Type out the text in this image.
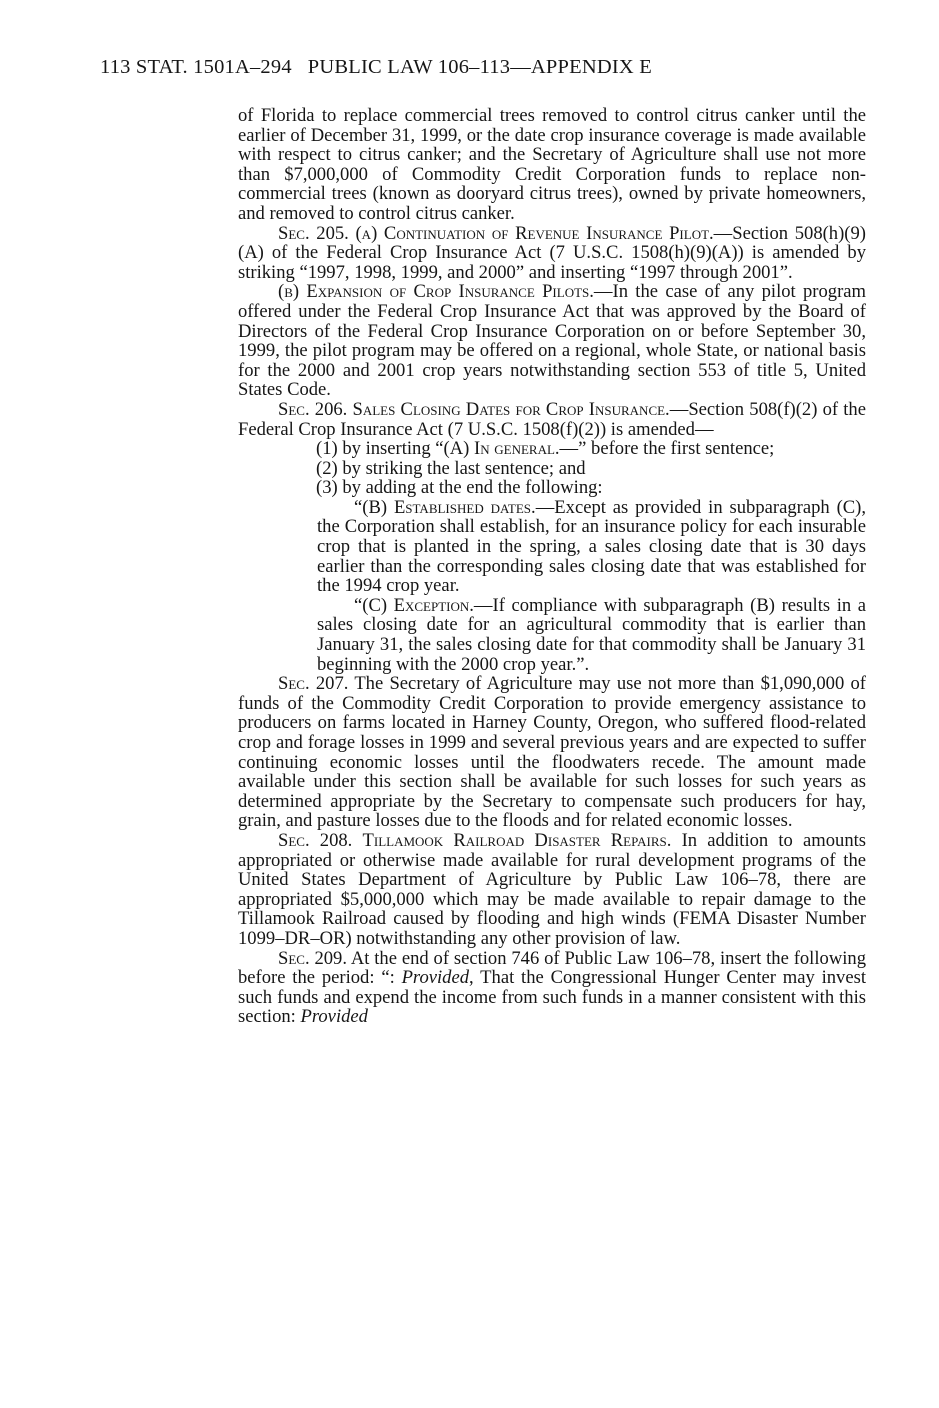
113 STAT. 1501A–294 PUBLIC LAW 106–113—APPENDIX E

of Florida to replace commercial trees removed to control citrus canker until the earlier of December 31, 1999, or the date crop insurance coverage is made available with respect to citrus canker; and the Secretary of Agriculture shall use not more than $7,000,000 of Commodity Credit Corporation funds to replace non-commercial trees (known as dooryard citrus trees), owned by private homeowners, and removed to control citrus canker.

Sec. 205. (a) Continuation of Revenue Insurance Pilot.—Section 508(h)(9)(A) of the Federal Crop Insurance Act (7 U.S.C. 1508(h)(9)(A)) is amended by striking “1997, 1998, 1999, and 2000” and inserting “1997 through 2001”.

(b) Expansion of Crop Insurance Pilots.—In the case of any pilot program offered under the Federal Crop Insurance Act that was approved by the Board of Directors of the Federal Crop Insurance Corporation on or before September 30, 1999, the pilot program may be offered on a regional, whole State, or national basis for the 2000 and 2001 crop years notwithstanding section 553 of title 5, United States Code.

Sec. 206. Sales Closing Dates for Crop Insurance.—Section 508(f)(2) of the Federal Crop Insurance Act (7 U.S.C. 1508(f)(2)) is amended—

(1) by inserting “(A) In general.—” before the first sentence;

(2) by striking the last sentence; and

(3) by adding at the end the following:

“(B) Established dates.—Except as provided in subparagraph (C), the Corporation shall establish, for an insurance policy for each insurable crop that is planted in the spring, a sales closing date that is 30 days earlier than the corresponding sales closing date that was established for the 1994 crop year.

“(C) Exception.—If compliance with subparagraph (B) results in a sales closing date for an agricultural commodity that is earlier than January 31, the sales closing date for that commodity shall be January 31 beginning with the 2000 crop year.”.

Sec. 207. The Secretary of Agriculture may use not more than $1,090,000 of funds of the Commodity Credit Corporation to provide emergency assistance to producers on farms located in Harney County, Oregon, who suffered flood-related crop and forage losses in 1999 and several previous years and are expected to suffer continuing economic losses until the floodwaters recede. The amount made available under this section shall be available for such losses for such years as determined appropriate by the Secretary to compensate such producers for hay, grain, and pasture losses due to the floods and for related economic losses.

Sec. 208. Tillamook Railroad Disaster Repairs. In addition to amounts appropriated or otherwise made available for rural development programs of the United States Department of Agriculture by Public Law 106–78, there are appropriated $5,000,000 which may be made available to repair damage to the Tillamook Railroad caused by flooding and high winds (FEMA Disaster Number 1099–DR–OR) notwithstanding any other provision of law.

Sec. 209. At the end of section 746 of Public Law 106–78, insert the following before the period: “: Provided, That the Congressional Hunger Center may invest such funds and expend the income from such funds in a manner consistent with this section: Provided
